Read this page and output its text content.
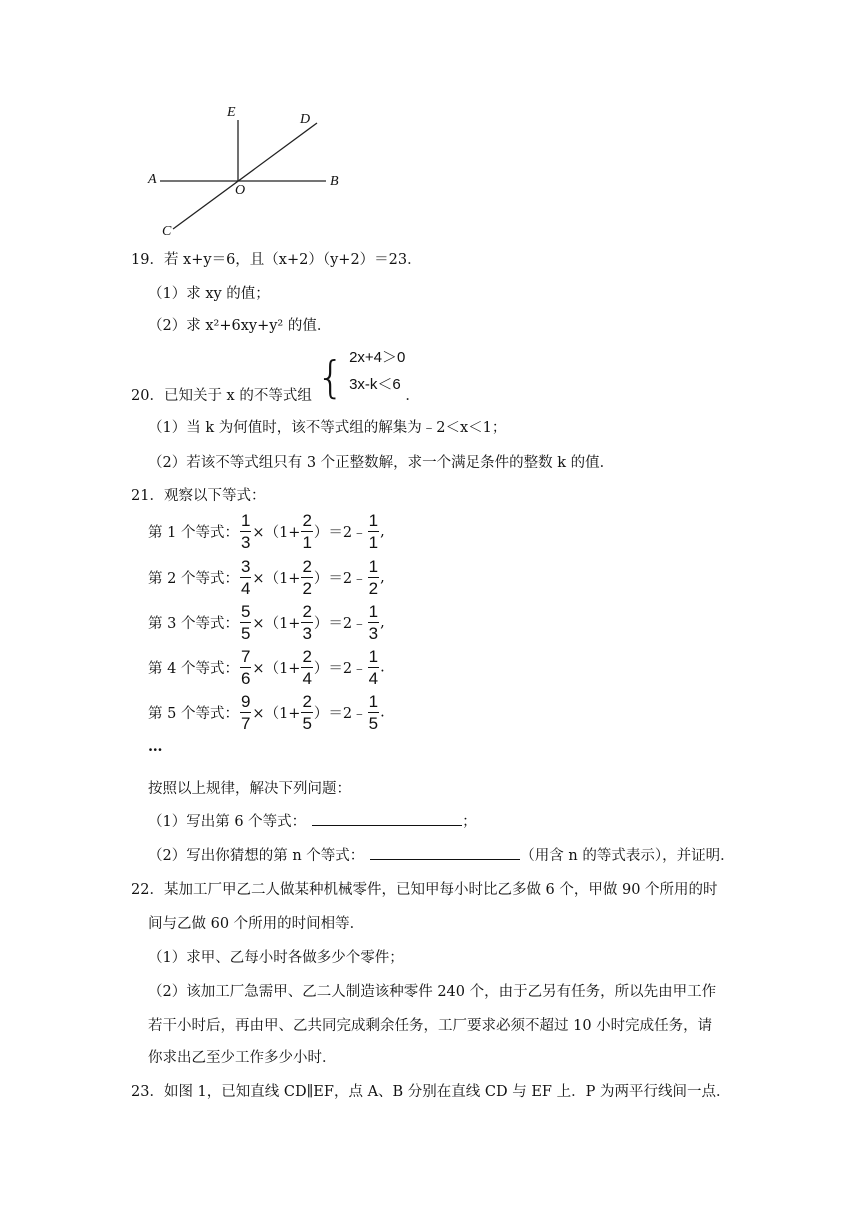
E	D
A
O
B
C
19．若 x+y＝6，且（x+2）（y+2）＝23．
（1）求 xy 的值；
（2）求 x²+6xy+y² 的值．
20．已知关于 x 的不等式组 { 2x+4＞0
3x-k＜6
．
（1）当 k 为何值时，该不等式组的解集为﹣2＜x＜1；
（2）若该不等式组只有 3 个正整数解，求一个满足条件的整数 k 的值．
21．观察以下等式：
第 1 个等式： $\frac{1}{3} \times(1+ \frac{2}{1}$ ）＝2﹣ $\frac{1}{1}$ ,
第 2 个等式： $\frac{3}{4} \times(1+ \frac{2}{2}$ ）＝2﹣ $\frac{1}{2}$ ,
第 3 个等式： $\frac{5}{5} \times(1+ \frac{2}{3}$ ）＝2﹣ $\frac{1}{3}$ ,
第 4 个等式： $\frac{7}{6} \times(1+ \frac{2}{4}$ ）＝2﹣ $\frac{1}{4}$ .
第 5 个等式： $\frac{9}{7} \times(1+ \frac{2}{5}$ ）＝2﹣ $\frac{1}{5}$ .
…
按照以上规律，解决下列问题：
（1）写出第 6 个等式：	；
（2）写出你猜想的第 n 个等式：	（用含 n 的等式表示），并证明．
22．某加工厂甲乙二人做某种机械零件，已知甲每小时比乙多做 6 个，甲做 90 个所用的时
间与乙做 60 个所用的时间相等．
（1）求甲、乙每小时各做多少个零件；
（2）该加工厂急需甲、乙二人制造该种零件 240 个，由于乙另有任务，所以先由甲工作
若干小时后，再由甲、乙共同完成剩余任务，工厂要求必须不超过 10 小时完成任务，请
你求出乙至少工作多少小时．
23．如图 1，已知直线 CD∥EF，点 A、B 分别在直线 CD 与 EF 上．P 为两平行线间一点．
